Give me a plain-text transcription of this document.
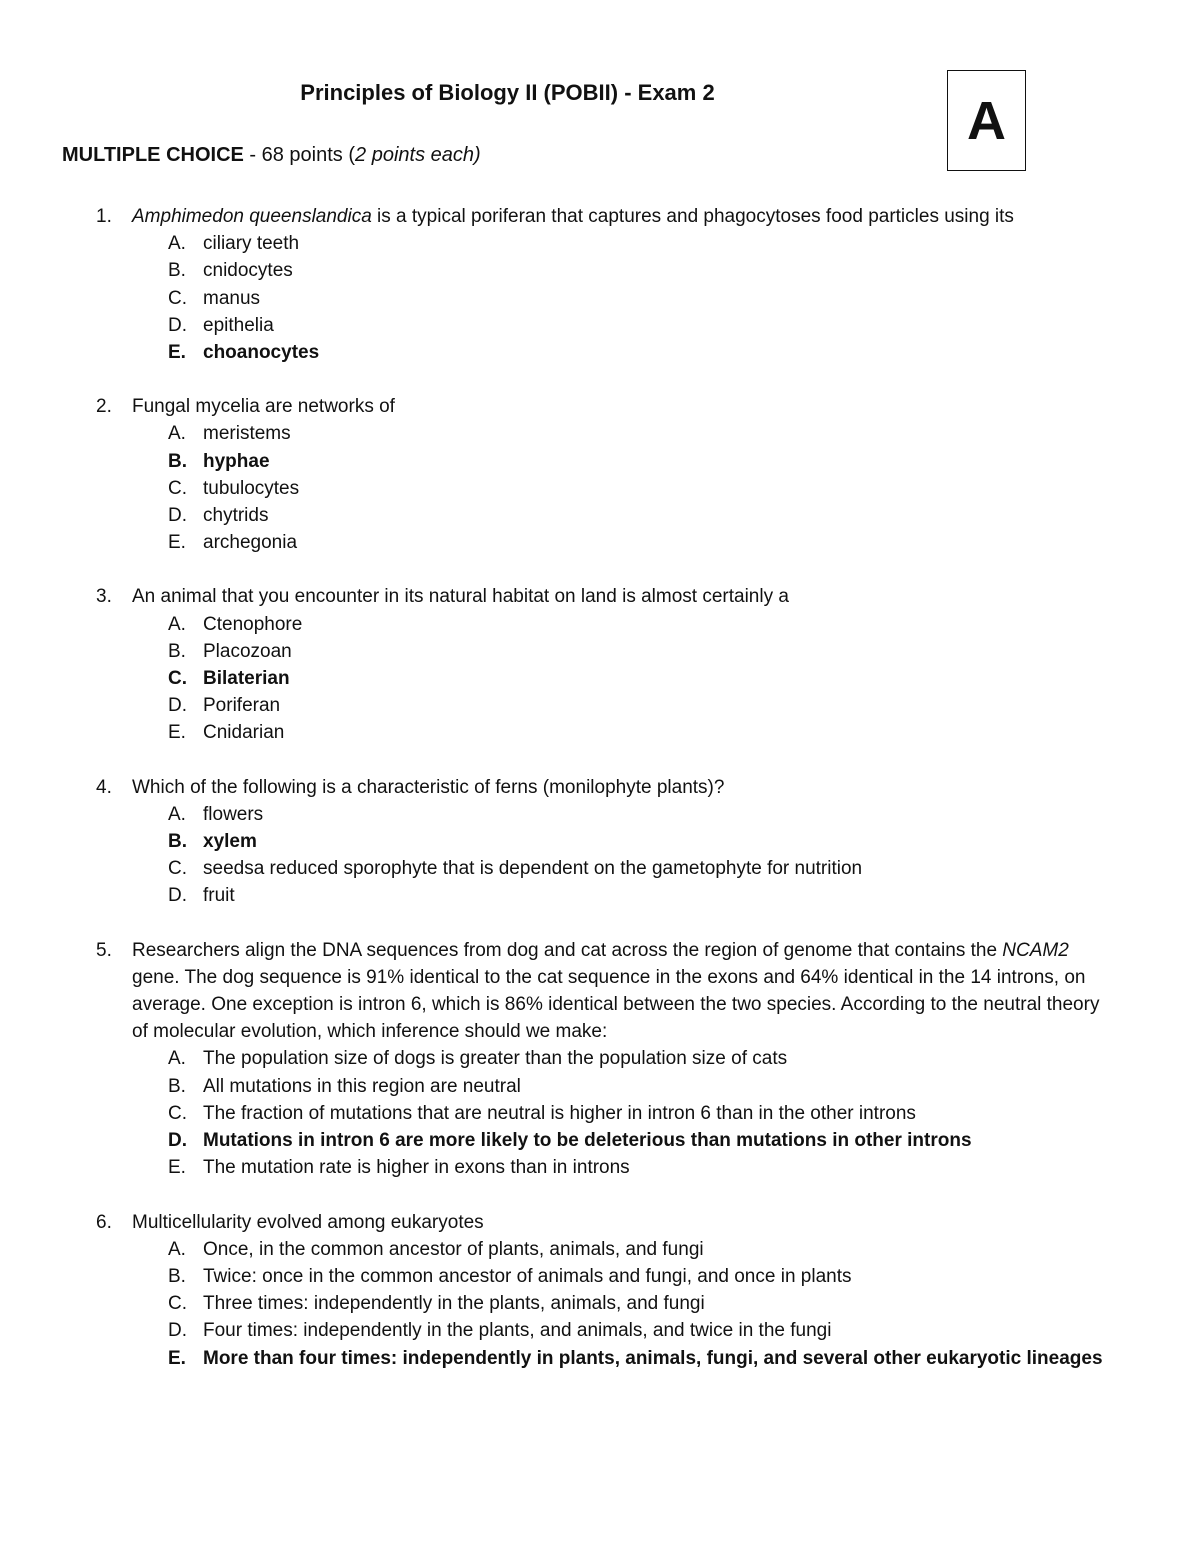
Principles of Biology II (POBII) - Exam 2	A
MULTIPLE CHOICE - 68 points (2 points each)
1. Amphimedon queenslandica is a typical poriferan that captures and phagocytoses food particles using its
A. ciliary teeth
B. cnidocytes
C. manus
D. epithelia
E. choanocytes
2. Fungal mycelia are networks of
A. meristems
B. hyphae
C. tubulocytes
D. chytrids
E. archegonia
3. An animal that you encounter in its natural habitat on land is almost certainly a
A. Ctenophore
B. Placozoan
C. Bilaterian
D. Poriferan
E. Cnidarian
4. Which of the following is a characteristic of ferns (monilophyte plants)?
A. flowers
B. xylem
C. seedsa reduced sporophyte that is dependent on the gametophyte for nutrition
D. fruit
5. Researchers align the DNA sequences from dog and cat across the region of genome that contains the NCAM2 gene. The dog sequence is 91% identical to the cat sequence in the exons and 64% identical in the 14 introns, on average. One exception is intron 6, which is 86% identical between the two species. According to the neutral theory of molecular evolution, which inference should we make:
A. The population size of dogs is greater than the population size of cats
B. All mutations in this region are neutral
C. The fraction of mutations that are neutral is higher in intron 6 than in the other introns
D. Mutations in intron 6 are more likely to be deleterious than mutations in other introns
E. The mutation rate is higher in exons than in introns
6. Multicellularity evolved among eukaryotes
A. Once, in the common ancestor of plants, animals, and fungi
B. Twice: once in the common ancestor of animals and fungi, and once in plants
C. Three times: independently in the plants, animals, and fungi
D. Four times: independently in the plants, and animals, and twice in the fungi
E. More than four times: independently in plants, animals, fungi, and several other eukaryotic lineages
